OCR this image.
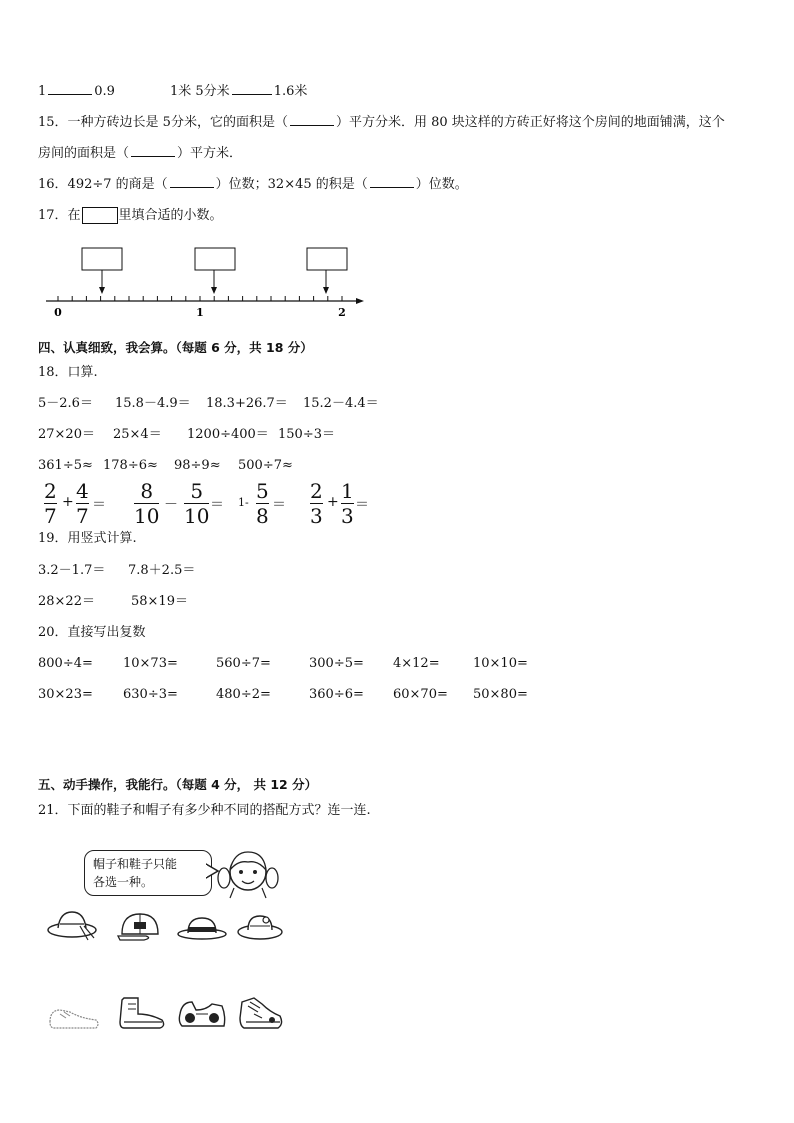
1	0.9	1米 5分米	1.6米
15．一种方砖边长是 5分米，它的面积是（	）平方分米．用 80 块这样的方砖正好将这个房间的地面铺满，这个
房间的面积是（	）平方米．
16．492÷7 的商是（	）位数；32×45 的积是（	）位数。
17．在	里填合适的小数。
0	1	2
四、认真细致，我会算。（每题 6 分，共 18 分）
18．口算.
5－2.6＝ 15.8－4.9＝ 18.3+26.7＝ 15.2－4.4＝
27×20＝ 25×4＝ 1200÷400＝ 150÷3＝
361÷5≈ 178÷6≈ 98÷9≈ 500÷7≈
2
7
+ 4
7 ＝
8
10 －
5
10 ＝ 1- 5
8 ＝
2
3
+ 1
3 ＝
19．用竖式计算.
3.2－1.7＝ 7.8＋2.5＝
28×22＝	58×19＝
20．直接写出复数
800÷4= 10×73=	560÷7=	300÷5= 4×12=	10×10=
30×23= 630÷3=	480÷2=	360÷6= 60×70= 50×80=
五、动手操作，我能行。（每题 4 分， 共 12 分）
21．下面的鞋子和帽子有多少种不同的搭配方式？连一连.
帽子和鞋子只能
各选一种。
